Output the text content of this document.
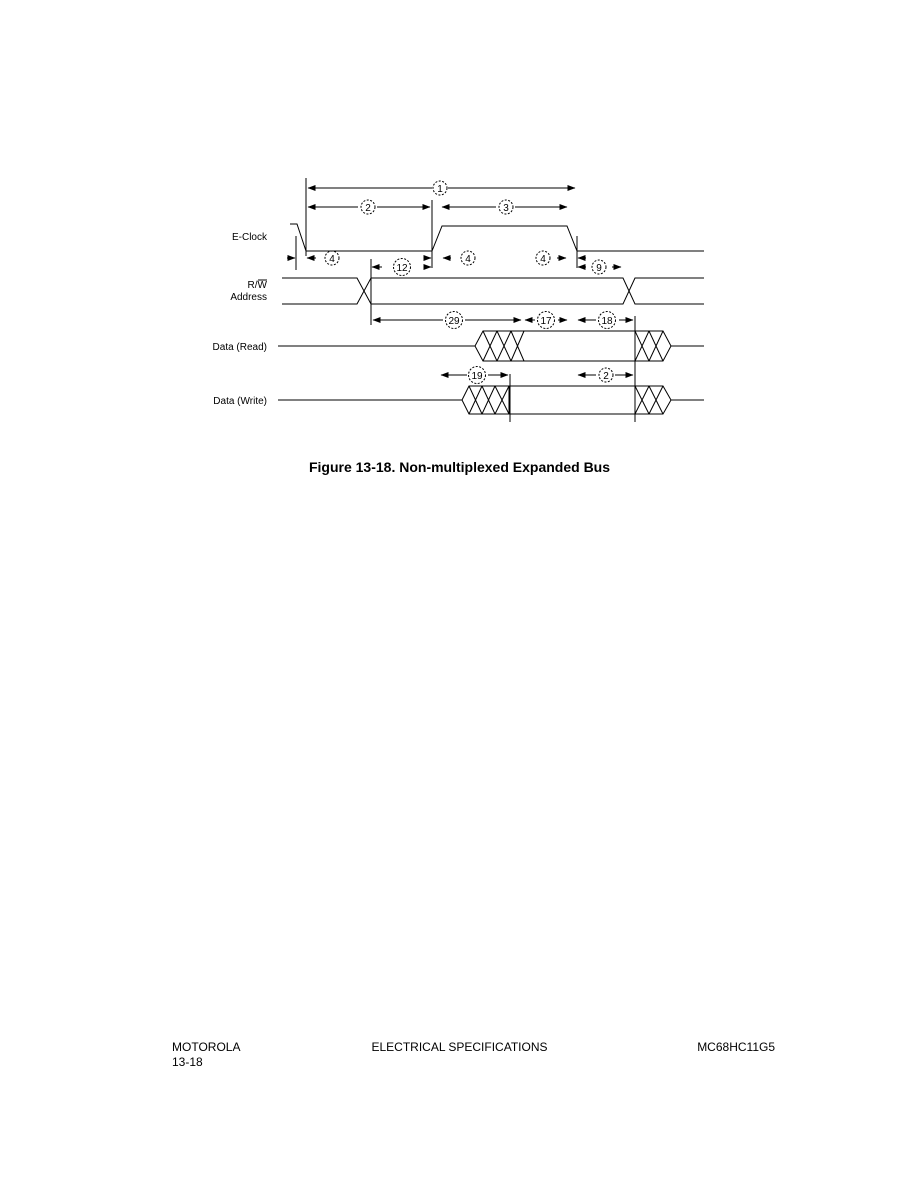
E-Clock
R/W
Address
Data (Read)
Data (Write)
1
2	3
4
12
4	4
9
29	17	18
19	2
Figure 13-18. Non-multiplexed Expanded Bus
MOTOROLA
13-18
ELECTRICAL SPECIFICATIONS	MC68HC11G5
